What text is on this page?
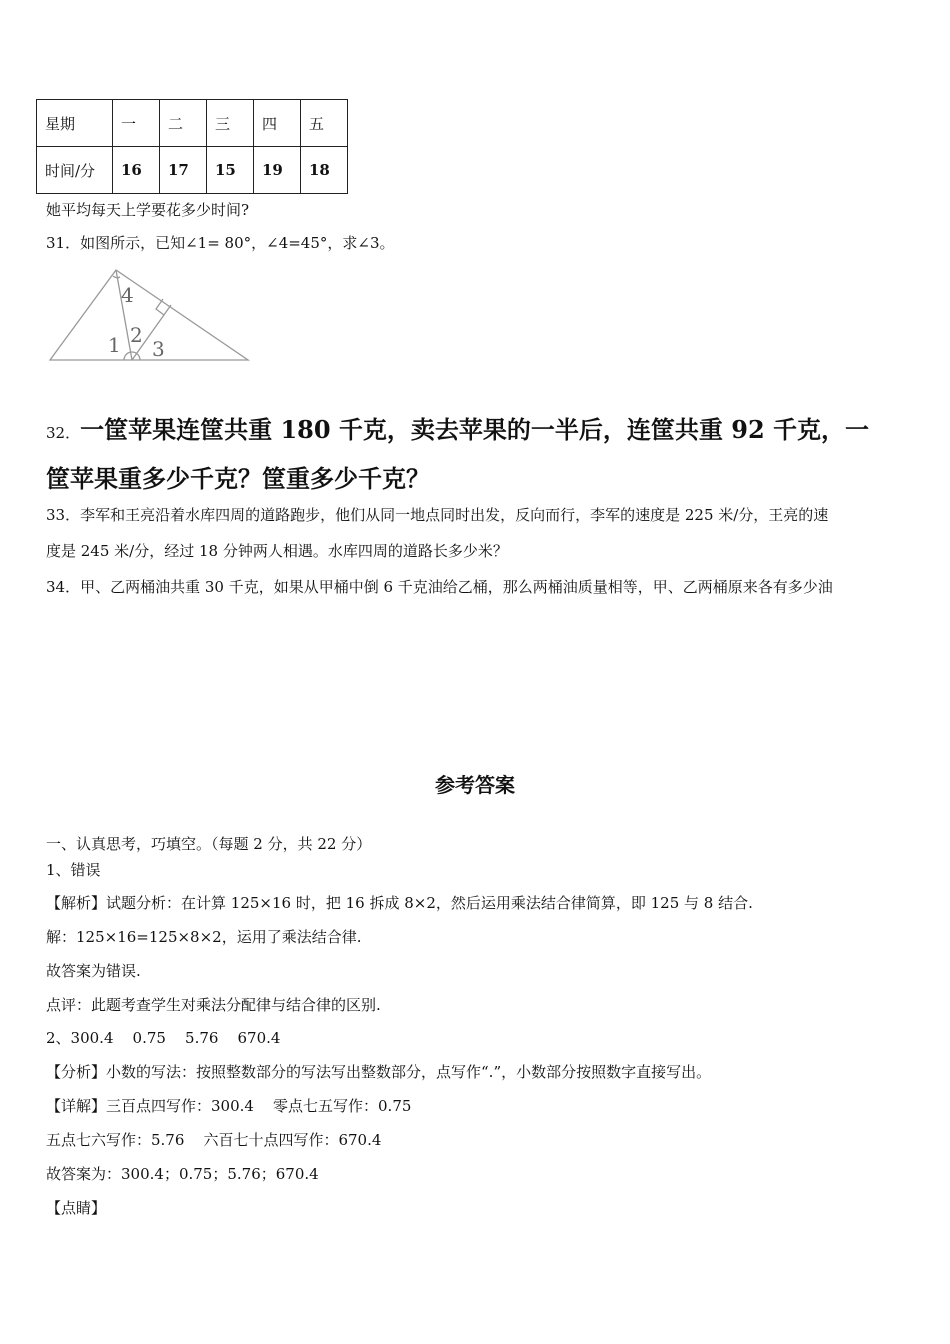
星期	一	二	三	四	五
时间/分	16	17	15	19	18
她平均每天上学要花多少时间?
31．如图所示，已知∠1= 80°，∠4=45°，求∠3。
4
2
1 3
32．一筐苹果连筐共重 180 千克，卖去苹果的一半后，连筐共重 92 千克，一
筐苹果重多少千克？筐重多少千克？
33．李军和王亮沿着水库四周的道路跑步，他们从同一地点同时出发，反向而行，李军的速度是 225 米/分，王亮的速
度是 245 米/分，经过 18 分钟两人相遇。水库四周的道路长多少米？
34．甲、乙两桶油共重 30 千克，如果从甲桶中倒 6 千克油给乙桶，那么两桶油质量相等，甲、乙两桶原来各有多少油
参考答案
一、认真思考，巧填空。（每题 2 分，共 22 分）
1、错误
【解析】试题分析：在计算 125×16 时，把 16 拆成 8×2，然后运用乘法结合律简算，即 125 与 8 结合.
解：125×16=125×8×2，运用了乘法结合律.
故答案为错误.
点评：此题考查学生对乘法分配律与结合律的区别.
2、300.4    0.75    5.76    670.4
【分析】小数的写法：按照整数部分的写法写出整数部分，点写作“.”，小数部分按照数字直接写出。
【详解】三百点四写作：300.4    零点七五写作：0.75
五点七六写作：5.76    六百七十点四写作：670.4
故答案为：300.4；0.75；5.76；670.4
【点睛】
